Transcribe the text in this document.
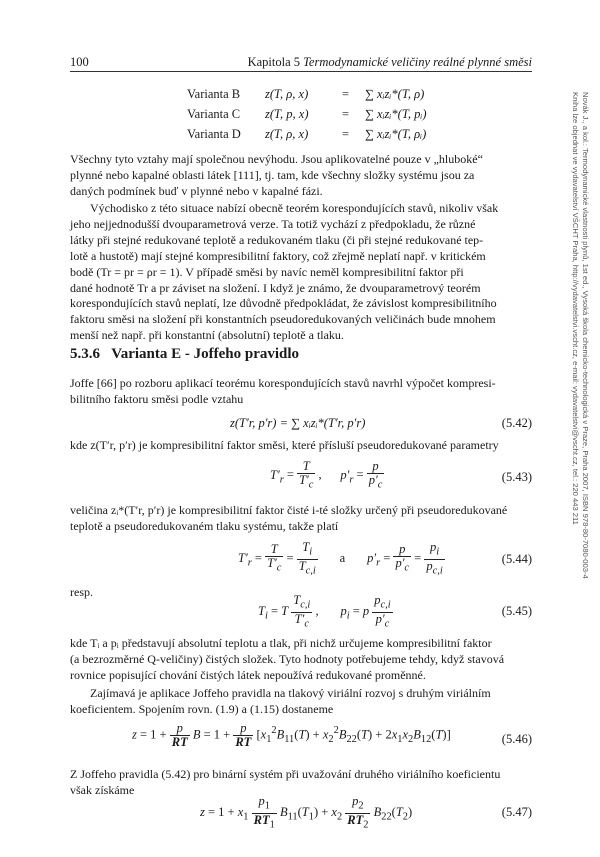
100	Kapitola 5 Termodynamické veličiny reálné plynné směsi
Novák J., a kol.: Termodynamické vlastnosti plynů, 1st ed., Vysoká škola chemicko-technologická v Praze, Praha 2007, ISBN 978-80-7080-003-4
Kniha lze objednat ve vydavatelství VŠCHT Praha, http://vydavatelstvi.vscht.cz, e-mail: vydavatelstvi@vscht.cz, tel.: 220 443 211
Varianta B z(T, ρ, x)	= ∑ xᵢzᵢ*(T, ρ)
Varianta C z(T, p, x)	= ∑ xᵢzᵢ*(T, pᵢ)
Varianta D z(T, ρ, x)	= ∑ xᵢzᵢ*(T, ρᵢ)
Všechny tyto vztahy mají společnou nevýhodu. Jsou aplikovatelné pouze v „hluboké“
plynné nebo kapalné oblasti látek [111], tj. tam, kde všechny složky systému jsou za
daných podmínek buď v plynné nebo v kapalné fázi.
Východisko z této situace nabízí obecně teorém korespondujících stavů, nikoliv však
jeho nejjednodušší dvouparametrová verze. Ta totiž vychází z předpokladu, že různé
látky při stejné redukované teplotě a redukovaném tlaku (či při stejné redukované tep-
lotě a hustotě) mají stejné kompresibilitní faktory, což zřejmě neplatí např. v kritickém
bodě (Tr = pr = ρr = 1). V případě směsi by navíc neměl kompresibilitní faktor při
dané hodnotě Tr a pr záviset na složení. I když je známo, že dvouparametrový teorém
korespondujících stavů neplatí, lze důvodně předpokládat, že závislost kompresibilitního
faktoru směsi na složení při konstantních pseudoredukovaných veličinách bude mnohem
menší než např. při konstantní (absolutní) teplotě a tlaku.
5.3.6 Varianta E - Joffeho pravidlo
Joffe [66] po rozboru aplikací teorému korespondujících stavů navrhl výpočet kompresi-
bilitního faktoru směsi podle vztahu
z(T′r, p′r) = ∑ xᵢzᵢ*(T′r, p′r)	(5.42)
kde z(T′r, p′r) je kompresibilitní faktor směsi, které přísluší pseudoredukované parametry
$T'_r = \frac{T}{T'_c}$ ,      $p'_r = \frac{p}{p'_c}$	(5.43)
veličina zᵢ*(T′r, p′r) je kompresibilitní faktor čisté i-té složky určený při pseudoredukované
teplotě a pseudoredukovaném tlaku systému, takže platí
$T'_r = \frac{T}{T'_c} = \frac{T_i}{T_{c,i}}$ a $p'_r = \frac{p}{p'_c} = \frac{p_i}{p_{c,i}}$	(5.44)
resp.
$T_i = T \frac{T_{c,i}}{T'_c}$ ,       $p_i = p \frac{p_{c,i}}{p'_c}$	(5.45)
kde Tᵢ a pᵢ představují absolutní teplotu a tlak, při nichž určujeme kompresibilitní faktor
(a bezrozměrné Q-veličiny) čistých složek. Tyto hodnoty potřebujeme tehdy, když stavová
rovnice popisující chování čistých látek nepoužívá redukované proměnné.
Zajímavá je aplikace Joffeho pravidla na tlakový viriální rozvoj s druhým viriálním
koeficientem. Spojením rovn. (1.9) a (1.15) dostaneme
$z = 1 + \frac{p}{RT}$ $B = 1 + \frac{p}{RT} [x_1^2B_{11}(T) + x_2^2B_{22}(T) + 2x_1x_2B_{12}(T)]$	(5.46)
Z Joffeho pravidla (5.42) pro binární systém při uvažování druhého viriálního koeficientu
však získáme
$z = 1 + x_1 \frac{p_1}{RT_1} B_{11}(T_1) + x_2 \frac{p_2}{RT_2} B_{22}(T_2)$	(5.47)
